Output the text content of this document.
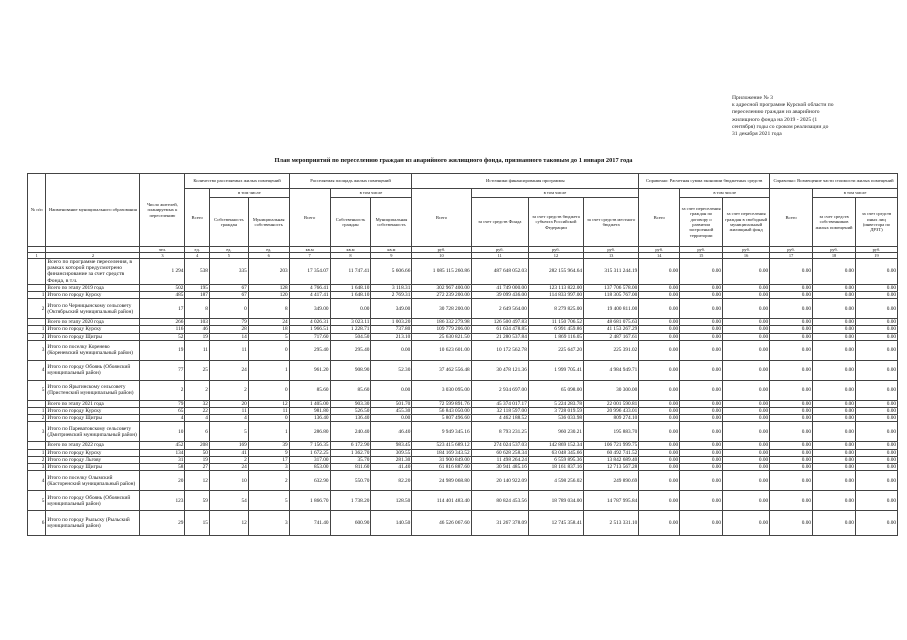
Приложение № 3
к адресной программе Курской области по
переселению граждан из аварийного
жилищного фонда на 2019 - 2025 (1
сентября) годы со сроком реализации до
31 декабря 2021 года
План мероприятий по переселению граждан из аварийного жилищного фонда, признанного таковым до 1 января 2017 года
№ п/п	Наименование муниципального образования	Число жителей, планируемых к переселению	Количество расселяемых жилых помещений			Расселяемая площадь жилых помещений			Источники финансирования программы				Справочно: Расчетная сумма экономии бюджетных средств			Справочно: Возмещение части стоимости жилых помещений		
			Всего	в том числе		Всего	в том числе		Всего	в том числе			Всего	в том числе		Всего	в том числе	
				Собственность граждан	Муниципальная собственность		Собственность граждан	Муниципальная собственность		за счет средств Фонда	за счет средств бюджета субъекта Российской Федерации	за счет средств местного бюджета		за счет переселения граждан по договору о развитии застроенной территории	за счет переселения граждан в свободный муниципальный жилищный фонд		за счет средств собственников жилых помещений	за счет средств иных лиц (инвестора по ДРЗТ)
		чел.	ед.	ед.	ед.	кв.м	кв.м	кв.м	руб.	руб.	руб.	руб.	руб.	руб.	руб.	руб.	руб.	руб.
1	2	3	4	5	6	7	8	9	10	11	12	13	14	15	16	17	18	19
	Всего по программе переселения, в рамках которой предусмотрено финансирование за счет средств Фонда, в т.ч.	1 294	538	335	203	17 354.07	11 747.41	5 606.66	1 085 115 260.86	487 648 052.03	282 155 964.64	315 311 244.19	0.00	0.00	0.00	0.00	0.00	0.00
	Всего по этапу 2019 года	502	195	67	128	4 766.41	1 648.10	3 118.31	302 967 400.00	41 749 000.00	123 113 822.00	137 706 578.00	0.00	0.00	0.00	0.00	0.00	0.00
1	Итого по городу Курску	485	187	67	120	4 417.41	1 648.10	2 769.31	272 239 200.00	39 099 436.00	114 833 997.00	118 305 767.00	0.00	0.00	0.00	0.00	0.00	0.00
2	Итого по Черницынскому сельсовету (Октябрьский муниципальный район)	17	8	0	8	349.00	0.00	349.00	30 728 200.00	2 649 564.00	8 279 825.00	19 400 811.00	0.00	0.00	0.00	0.00	0.00	0.00
	Всего по этапу 2020 года	266	103	79	24	4 026.31	3 023.11	1 003.20	186 332 279.98	126 500 497.83	11 150 706.52	48 681 075.63	0.00	0.00	0.00	0.00	0.00	0.00
1	Итого по городу Курску	116	46	28	18	1 966.51	1 228.71	737.80	109 779 206.00	61 634 478.85	6 991 459.86	41 153 267.29	0.00	0.00	0.00	0.00	0.00	0.00
2	Итого по городу Щигры	52	19	14	5	717.60	504.50	213.10	25 630 821.50	21 280 537.84	1 869 116.05	2 487 167.61	0.00	0.00	0.00	0.00	0.00	0.00
3	Итого по поселку Коренево (Кореневский муниципальный район)	19	11	11	0	295.40	295.40	0.00	10 623 601.00	10 172 562.78	225 647.20	225 391.02	0.00	0.00	0.00	0.00	0.00	0.00
4	Итого по городу Обоянь (Обоянский муниципальный район)	77	25	24	1	961.20	908.90	52.30	37 462 556.48	30 478 121.36	1 999 705.41	4 984 949.71	0.00	0.00	0.00	0.00	0.00	0.00
5	Итого по Ярыгинскому сельсовету (Пристенский муниципальный район)	2	2	2	0	85.60	85.60	0.00	3 030 095.00	2 934 697.00	65 098.00	30 300.00	0.00	0.00	0.00	0.00	0.00	0.00
	Всего по этапу 2021 года	79	32	20	12	1 405.00	903.30	501.70	72 599 891.76	45 374 017.17	5 224 283.78	22 001 590.81	0.00	0.00	0.00	0.00	0.00	0.00
1	Итого по городу Курску	65	22	11	11	981.80	526.50	455.30	56 843 050.00	32 118 597.00	3 728 019.59	20 996 433.01	0.00	0.00	0.00	0.00	0.00	0.00
2	Итого по городу Щигры	4	4	4	0	136.40	136.40	0.00	5 807 496.60	4 462 188.52	536 033.98	809 274.10	0.00	0.00	0.00	0.00	0.00	0.00
3	Итого по Пареватовскому сельсовету (Дмитриевский муниципальный район)	10	6	5	1	286.80	240.40	46.40	9 949 345.16	8 793 231.25	960 230.21	195 883.70	0.00	0.00	0.00	0.00	0.00	0.00
	Всего по этапу 2022 года	452	208	169	39	7 156.35	6 172.90	983.45	523 415 689.12	274 024 537.03	142 869 152.34	106 721 999.75	0.00	0.00	0.00	0.00	0.00	0.00
1	Итого по городу Курску	134	50	41	9	1 672.25	1 362.70	309.55	184 169 343.52	60 628 258.34	63 048 345.66	60 492 741.52	0.00	0.00	0.00	0.00	0.00	0.00
2	Итого по городу Льгову	31	19	2	17	317.00	35.70	281.30	31 900 849.00	11 498 264.24	6 559 895.36	13 842 689.40	0.00	0.00	0.00	0.00	0.00	0.00
3	Итого по городу Щигры	58	27	24	3	853.00	811.60	41.40	61 816 887.60	30 941 485.16	18 161 837.16	12 713 567.28	0.00	0.00	0.00	0.00	0.00	0.00
4	Итого по поселку Олымский (Касторенский муниципальный район)	20	12	10	2	632.90	550.70	82.20	24 989 068.80	20 140 922.09	4 598 256.02	249 890.69	0.00	0.00	0.00	0.00	0.00	0.00
5	Итого по городу Обоянь (Обоянский муниципальный район)	123	59	54	5	1 866.70	1 738.20	128.50	114 401 483.40	80 824 453.56	18 789 034.00	14 787 995.84	0.00	0.00	0.00	0.00	0.00	0.00
6	Итого по городу Рыльску (Рыльский муниципальный район)	29	15	12	3	741.40	600.90	140.50	46 526 067.60	31 267 378.09	12 745 358.41	2 513 331.10	0.00	0.00	0.00	0.00	0.00	0.00
